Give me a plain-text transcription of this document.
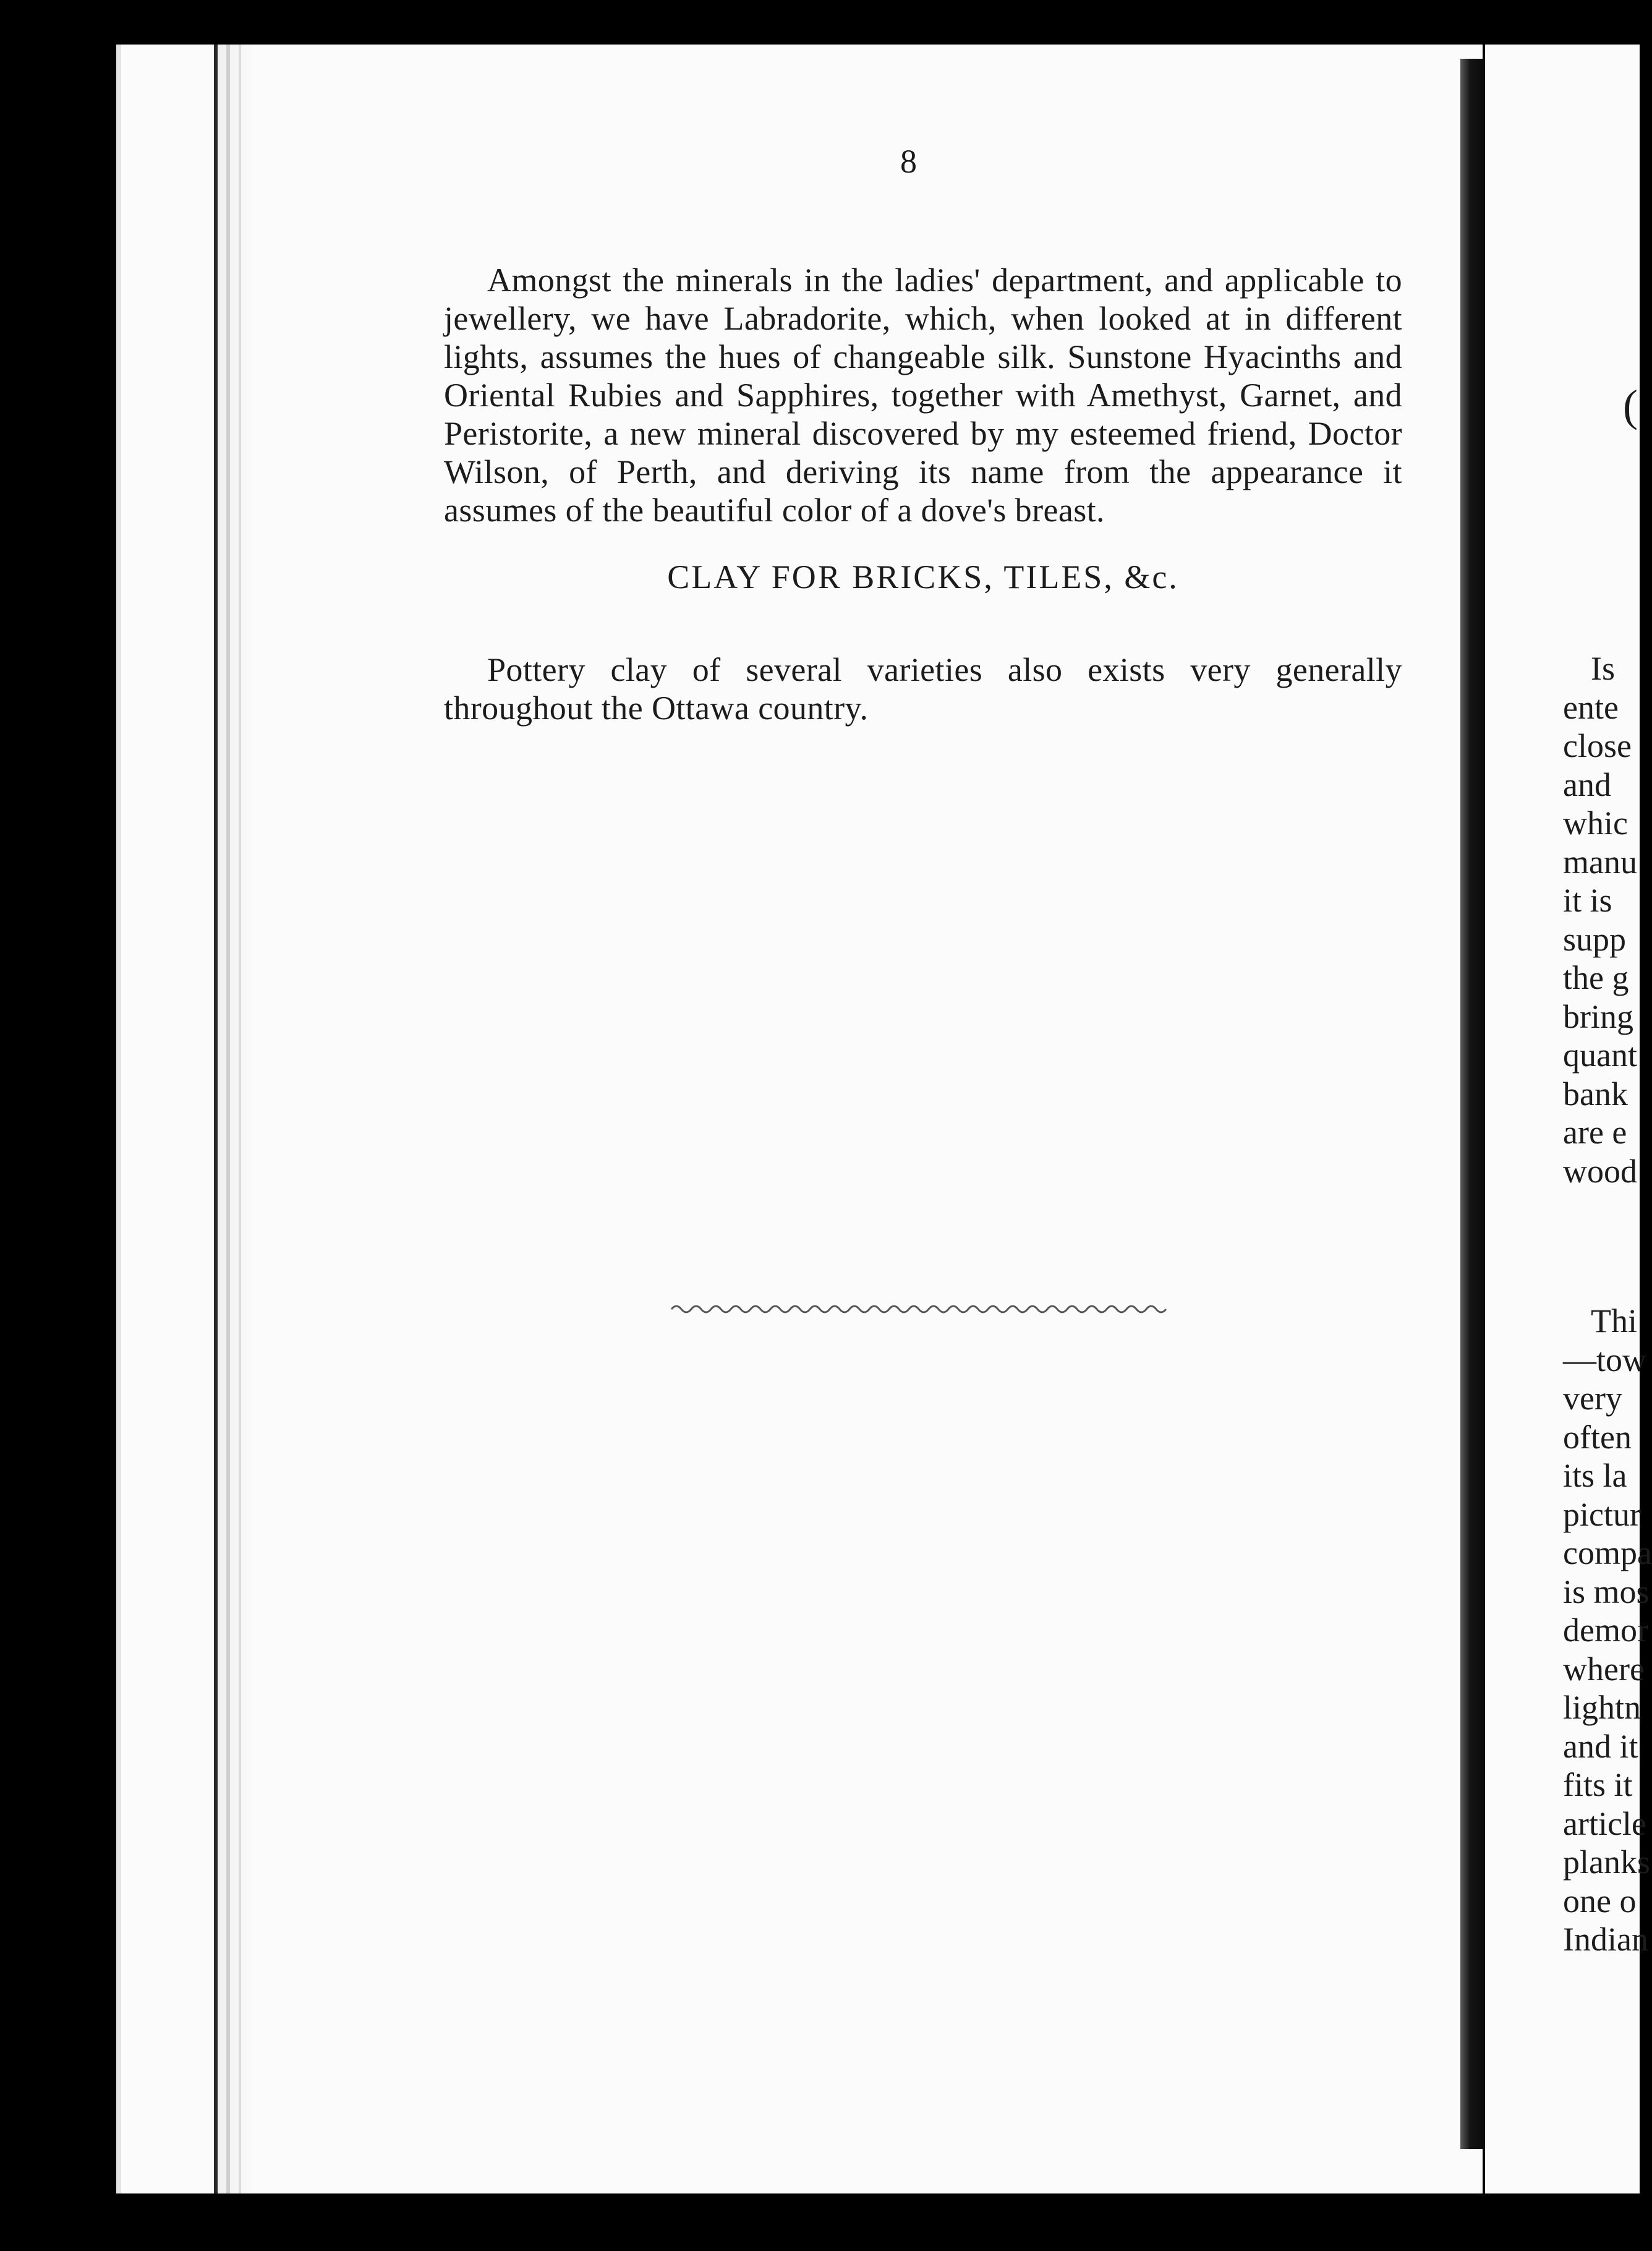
8

Amongst the minerals in the ladies' department, and applicable to jewellery, we have Labradorite, which, when looked at in different lights, assumes the hues of changeable silk. Sunstone Hyacinths and Oriental Rubies and Sapphires, together with Amethyst, Garnet, and Peristorite, a new mineral discovered by my esteemed friend, Doctor Wilson, of Perth, and deriving its name from the appearance it assumes of the beautiful color of a dove's breast.

CLAY FOR BRICKS, TILES, &c.

Pottery clay of several varieties also exists very generally throughout the Ottawa country.

(
Is
ente
close
and
whic
manu
it is
supp
the g
bring
quant
bank
are e
wood
Thi
—tow
very
often
its la
pictur
compa
is mos
demor
where
lightn
and it
fits it
article
planks
one o
Indian
